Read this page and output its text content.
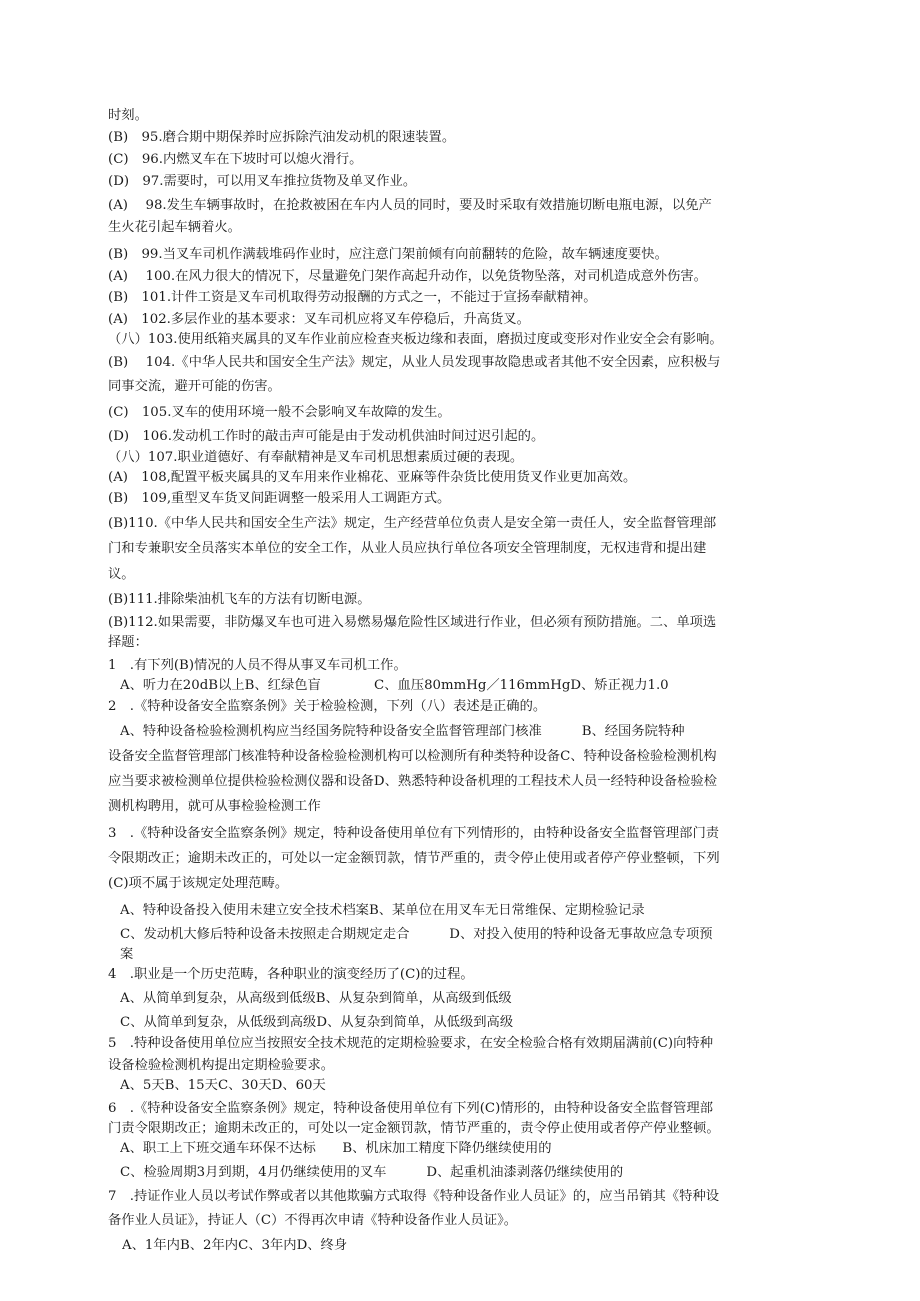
时刻。
(B)　95.磨合期中期保养时应拆除汽油发动机的限速装置。
(C)　96.内燃叉车在下坡时可以熄火滑行。
(D)　97.需要时，可以用叉车推拉货物及单叉作业。
(A)　 98.发生车辆事故时，在抢救被困在车内人员的同时，要及时采取有效措施切断电瓶电源，以免产
生火花引起车辆着火。
(B)　99.当叉车司机作满载堆码作业时，应注意门架前倾有向前翻转的危险，故车辆速度要快。
(A)　 100.在风力很大的情况下，尽量避免门架作高起升动作，以免货物坠落，对司机造成意外伤害。
(B)　101.计件工资是叉车司机取得劳动报酬的方式之一，不能过于宣扬奉献精神。
(A)　102.多层作业的基本要求：叉车司机应将叉车停稳后，升高货叉。
（八）103.使用纸箱夹属具的叉车作业前应检查夹板边缘和表面，磨损过度或变形对作业安全会有影响。
(B)　 104.《中华人民共和国安全生产法》规定，从业人员发现事故隐患或者其他不安全因素，应积极与
同事交流，避开可能的伤害。
(C)　105.叉车的使用环境一般不会影响叉车故障的发生。
(D)　106.发动机工作时的敲击声可能是由于发动机供油时间过迟引起的。
（八）107.职业道德好、有奉献精神是叉车司机思想素质过硬的表现。
(A)　108,配置平板夹属具的叉车用来作业棉花、亚麻等件杂货比使用货叉作业更加高效。
(B)　109,重型叉车货叉间距调整一般采用人工调距方式。
(B)110.《中华人民共和国安全生产法》规定，生产经营单位负责人是安全第一责任人，安全监督管理部
门和专兼职安全员落实本单位的安全工作，从业人员应执行单位各项安全管理制度，无权违背和提出建
议。
(B)111.排除柴油机飞车的方法有切断电源。
(B)112.如果需要，非防爆叉车也可进入易燃易爆危险性区域进行作业，但必须有预防措施。二、单项选
择题：
1　.有下列(B)情况的人员不得从事叉车司机工作。
A、听力在20dB以上B、红绿色盲　　　　C、血压80mmHg／116mmHgD、矫正视力1.0
2　.《特种设备安全监察条例》关于检验检测，下列（八）表述是正确的。
A、特种设备检验检测机构应当经国务院特种设备安全监督管理部门核准　　　B、经国务院特种
设备安全监督管理部门核准特种设备检验检测机构可以检测所有种类特种设备C、特种设备检验检测机构
应当要求被检测单位提供检验检测仪器和设备D、熟悉特种设备机理的工程技术人员一经特种设备检验检
测机构聘用，就可从事检验检测工作
3　.《特种设备安全监察条例》规定，特种设备使用单位有下列情形的，由特种设备安全监督管理部门责
令限期改正；逾期未改正的，可处以一定金额罚款，情节严重的，责令停止使用或者停产停业整顿，下列
(C)项不属于该规定处理范畴。
A、特种设备投入使用未建立安全技术档案B、某单位在用叉车无日常维保、定期检验记录
C、发动机大修后特种设备未按照走合期规定走合　　　D、对投入使用的特种设备无事故应急专项预
案
4　.职业是一个历史范畴，各种职业的演变经历了(C)的过程。
A、从简单到复杂，从高级到低级B、从复杂到简单，从高级到低级
C、从简单到复杂，从低级到高级D、从复杂到简单，从低级到高级
5　.特种设备使用单位应当按照安全技术规范的定期检验要求，在安全检验合格有效期届满前(C)向特种
设备检验检测机构提出定期检验要求。
A、5天B、15天C、30天D、60天
6　.《特种设备安全监察条例》规定，特种设备使用单位有下列(C)情形的，由特种设备安全监督管理部
门责令限期改正；逾期未改正的，可处以一定金额罚款，情节严重的，责令停止使用或者停产停业整顿。
A、职工上下班交通车环保不达标　　B、机床加工精度下降仍继续使用的
C、检验周期3月到期，4月仍继续使用的叉车　　　D、起重机油漆剥落仍继续使用的
7　.持证作业人员以考试作弊或者以其他欺骗方式取得《特种设备作业人员证》的，应当吊销其《特种设
备作业人员证》，持证人（C）不得再次申请《特种设备作业人员证》。
A、1年内B、2年内C、3年内D、终身
